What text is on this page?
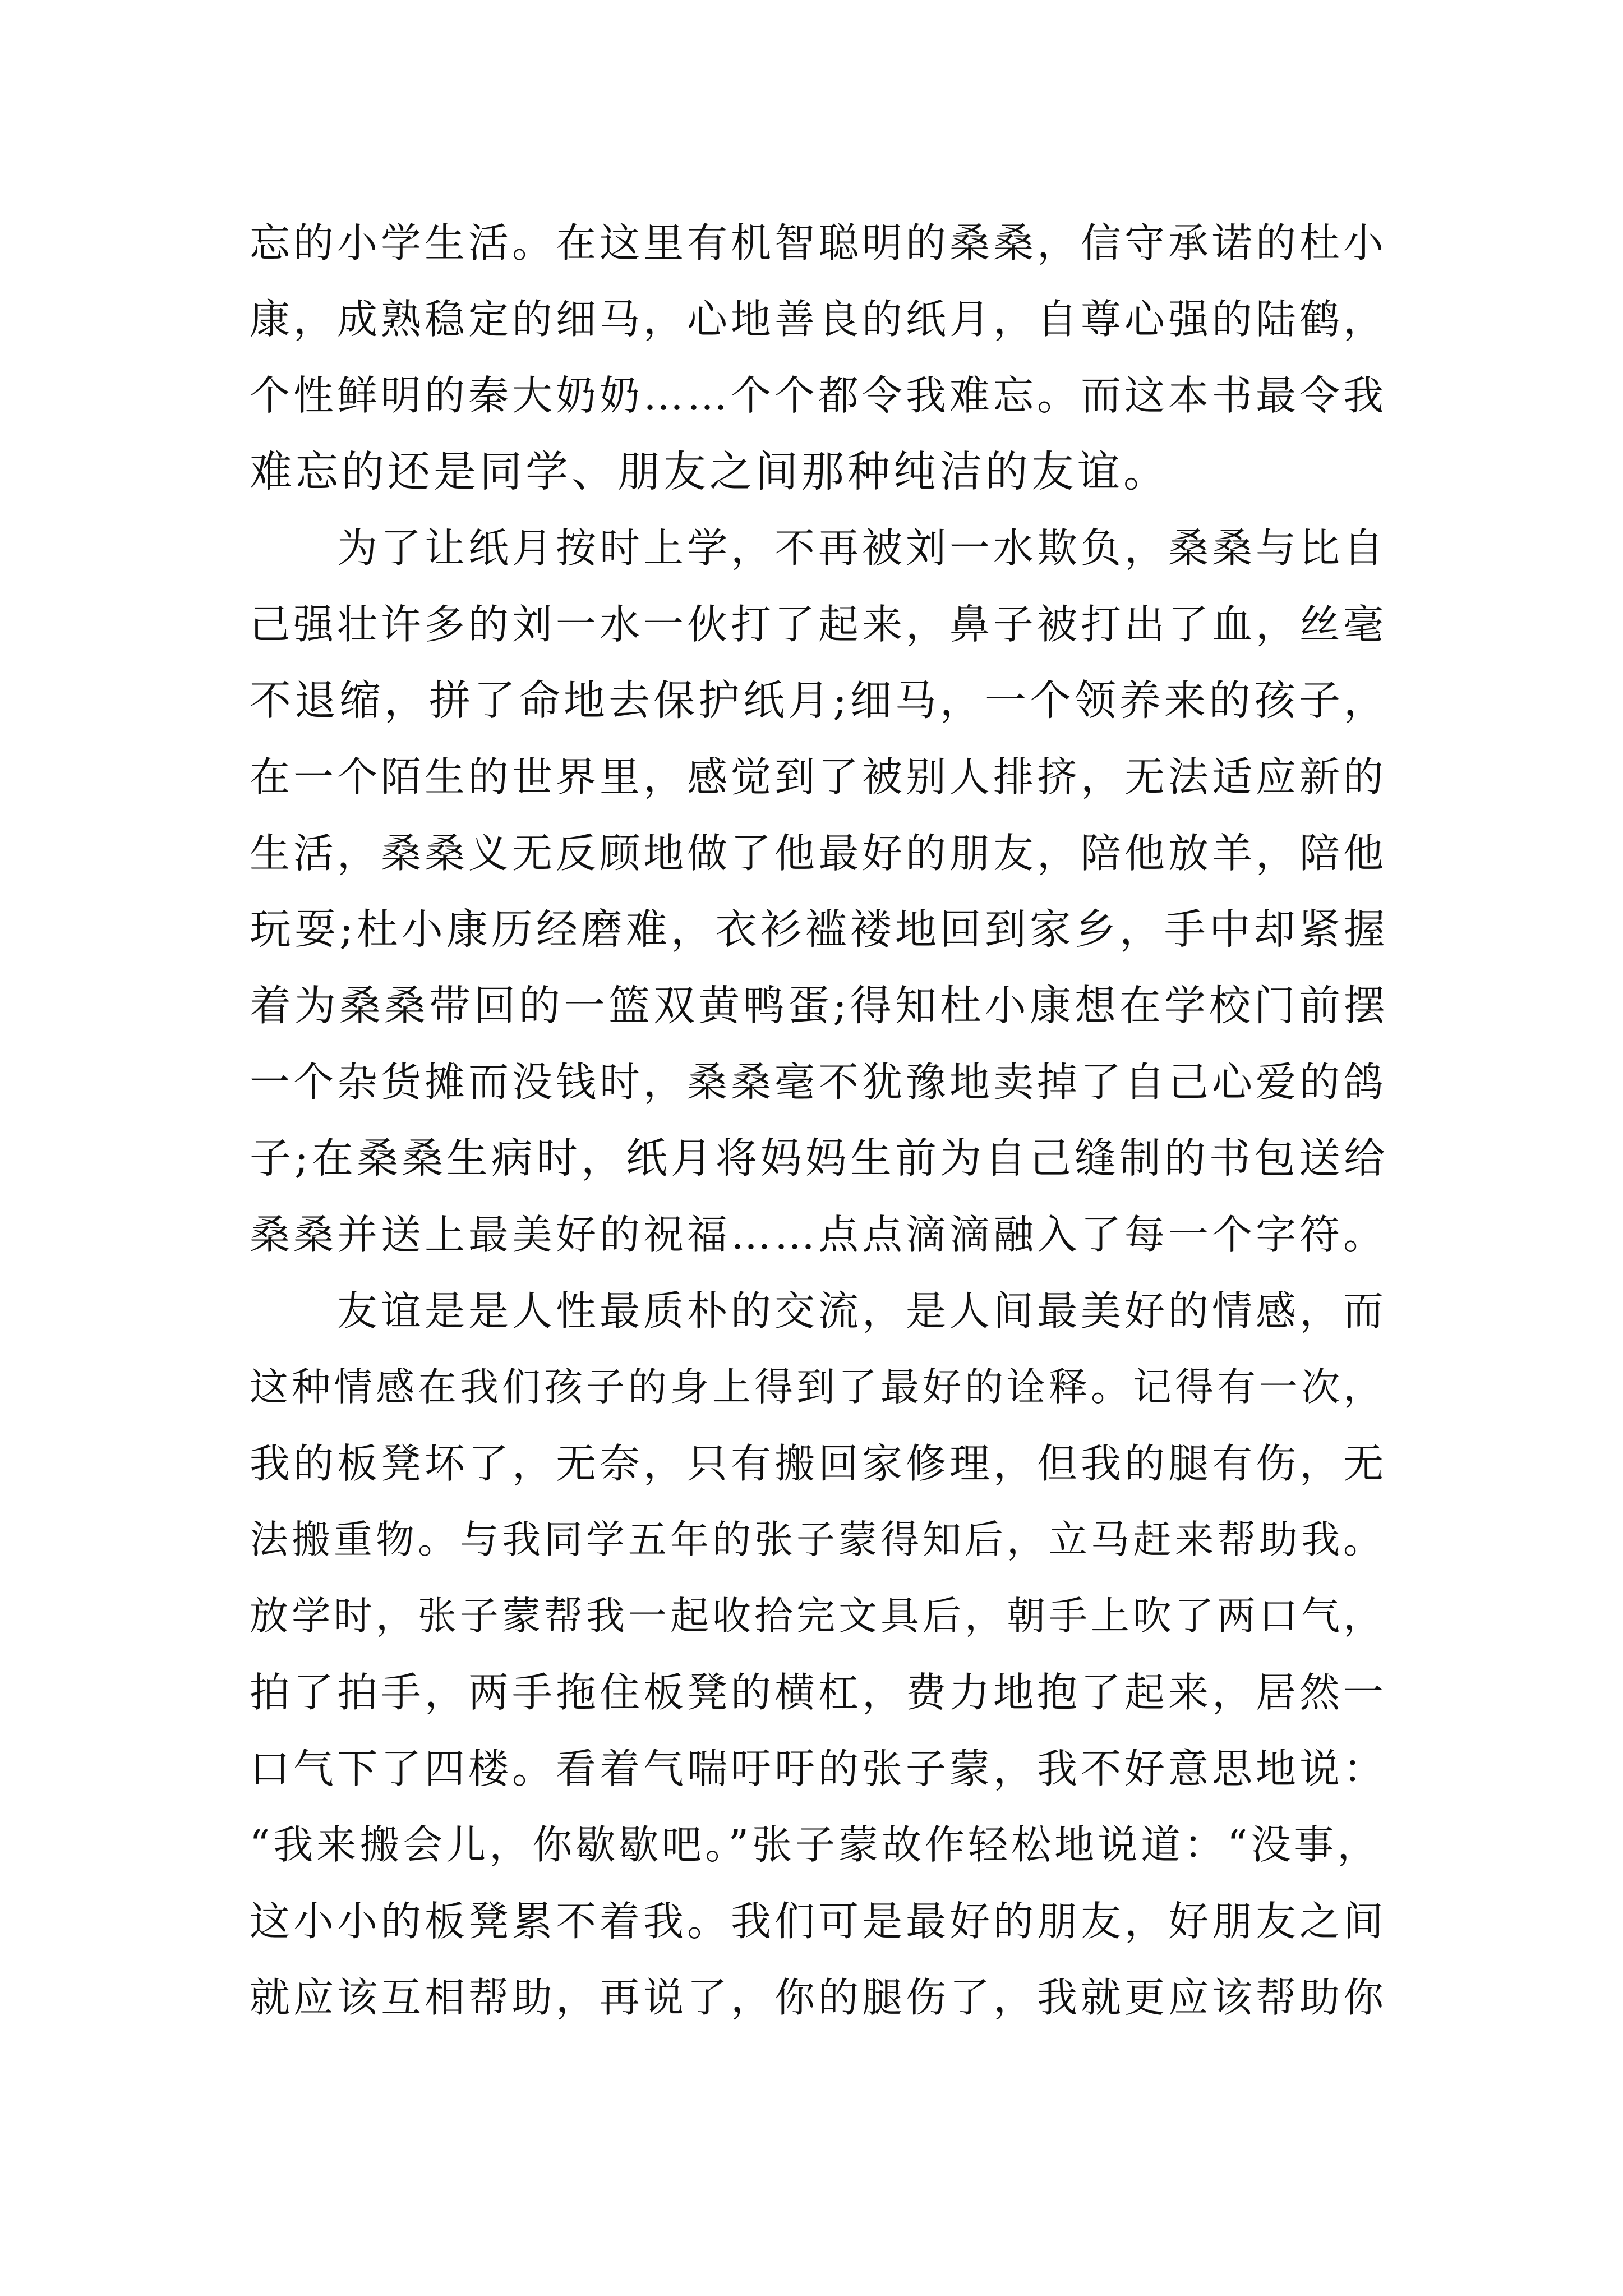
忘的小学生活。在这里有机智聪明的桑桑，信守承诺的杜小
康，成熟稳定的细马，心地善良的纸月，自尊心强的陆鹤，
个性鲜明的秦大奶奶……个个都令我难忘。而这本书最令我
难忘的还是同学、朋友之间那种纯洁的友谊。
　　为了让纸月按时上学，不再被刘一水欺负，桑桑与比自
己强壮许多的刘一水一伙打了起来，鼻子被打出了血，丝毫
不退缩，拼了命地去保护纸月;细马，一个领养来的孩子，
在一个陌生的世界里，感觉到了被别人排挤，无法适应新的
生活，桑桑义无反顾地做了他最好的朋友，陪他放羊，陪他
玩耍;杜小康历经磨难，衣衫褴褛地回到家乡，手中却紧握
着为桑桑带回的一篮双黄鸭蛋;得知杜小康想在学校门前摆
一个杂货摊而没钱时，桑桑毫不犹豫地卖掉了自己心爱的鸽
子;在桑桑生病时，纸月将妈妈生前为自己缝制的书包送给
桑桑并送上最美好的祝福……点点滴滴融入了每一个字符。
　　友谊是是人性最质朴的交流，是人间最美好的情感，而
这种情感在我们孩子的身上得到了最好的诠释。记得有一次，
我的板凳坏了，无奈，只有搬回家修理，但我的腿有伤，无
法搬重物。与我同学五年的张子蒙得知后，立马赶来帮助我。
放学时，张子蒙帮我一起收拾完文具后，朝手上吹了两口气，
拍了拍手，两手拖住板凳的横杠，费力地抱了起来，居然一
口气下了四楼。看着气喘吁吁的张子蒙，我不好意思地说：
“我来搬会儿，你歇歇吧。”张子蒙故作轻松地说道：“没事，
这小小的板凳累不着我。我们可是最好的朋友，好朋友之间
就应该互相帮助，再说了，你的腿伤了，我就更应该帮助你
